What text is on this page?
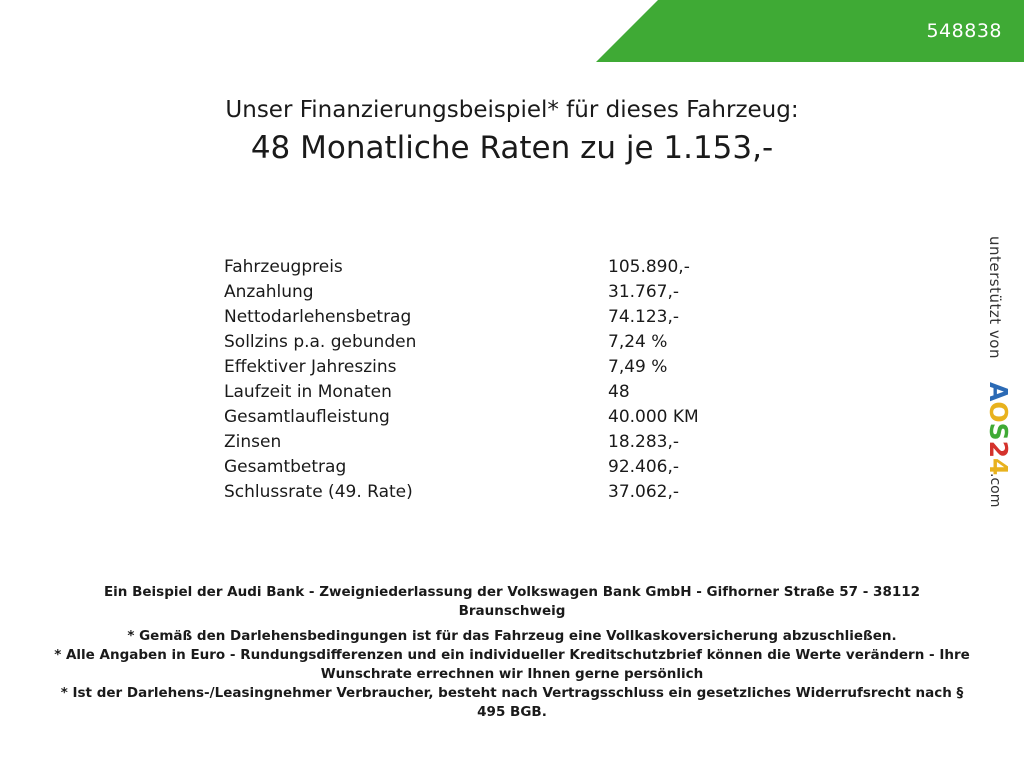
FESER GRAF	548838
Unser Finanzierungsbeispiel* für dieses Fahrzeug:
48 Monatliche Raten zu je 1.153,-
Fahrzeugpreis	105.890,-
Anzahlung	31.767,-
Nettodarlehensbetrag	74.123,-
Sollzins p.a. gebunden	7,24 %
Effektiver Jahreszins	7,49 %
Laufzeit in Monaten	48
Gesamtlaufleistung	40.000 KM
Zinsen	18.283,-
Gesamtbetrag	92.406,-
Schlussrate (49. Rate)	37.062,-
unterstützt von
AOS24
.com

Ein Beispiel der Audi Bank - Zweigniederlassung der Volkswagen Bank GmbH - Gifhorner Straße 57 - 38112 Braunschweig

* Gemäß den Darlehensbedingungen ist für das Fahrzeug eine Vollkaskoversicherung abzuschließen.

* Alle Angaben in Euro - Rundungsdifferenzen und ein individueller Kreditschutzbrief können die Werte verändern - Ihre Wunschrate errechnen wir Ihnen gerne persönlich

* Ist der Darlehens-/Leasingnehmer Verbraucher, besteht nach Vertragsschluss ein gesetzliches Widerrufsrecht nach § 495 BGB.
